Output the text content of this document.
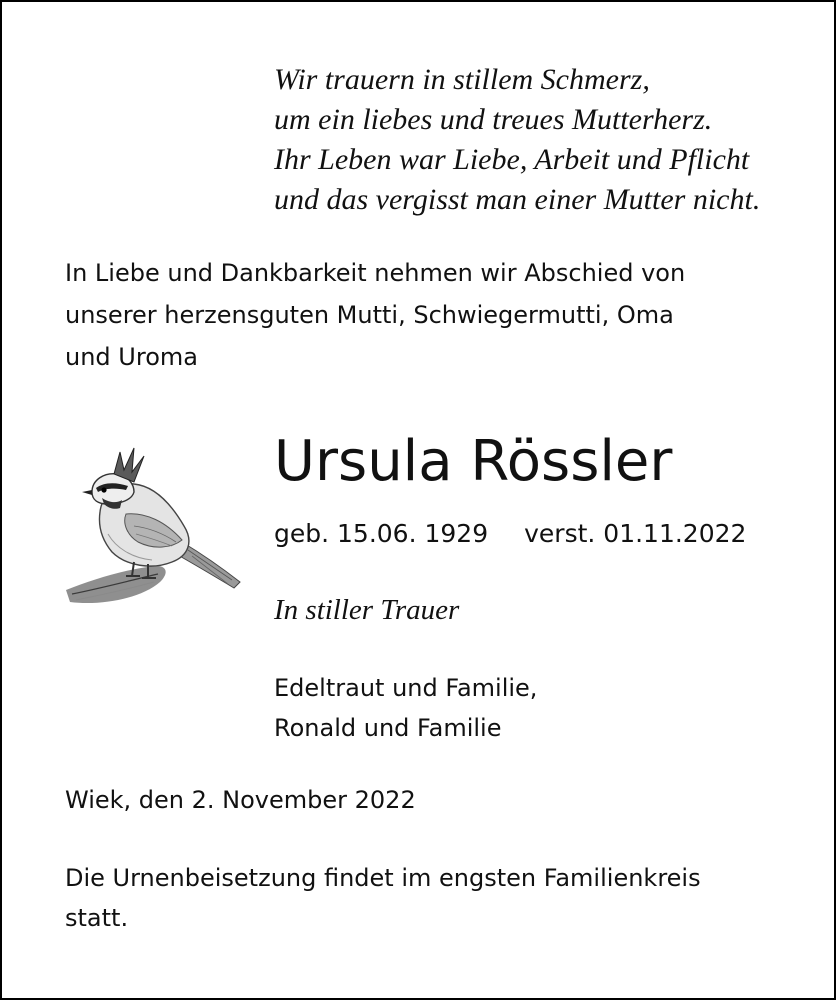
Wir trauern in stillem Schmerz,
um ein liebes und treues Mutterherz.
Ihr Leben war Liebe, Arbeit und Pflicht
und das vergisst man einer Mutter nicht.
In Liebe und Dankbarkeit nehmen wir Abschied von
unserer herzensguten Mutti, Schwiegermutti, Oma
und Uroma
Ursula Rössler
geb. 15.06. 1929 verst. 01.11.2022
In stiller Trauer
Edeltraut und Familie,
Ronald und Familie
Wiek, den 2. November 2022
Die Urnenbeisetzung findet im engsten Familienkreis
statt.
